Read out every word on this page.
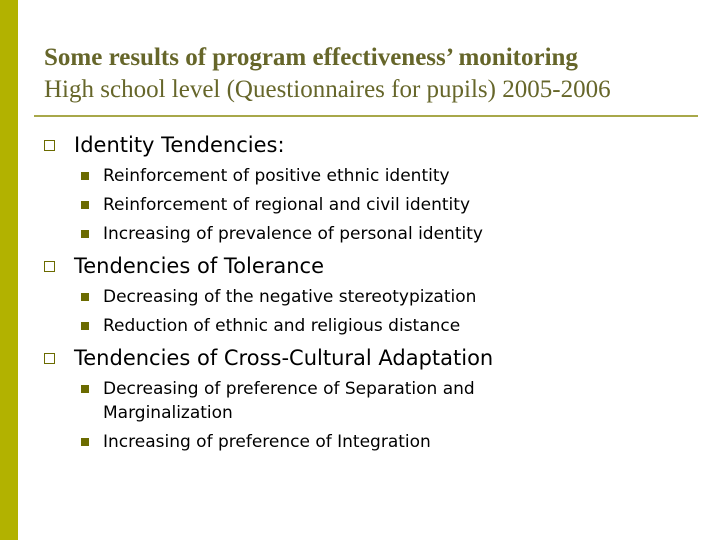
Some results of program effectiveness’ monitoring
High school level (Questionnaires for pupils) 2005-2006
Identity Tendencies:
Reinforcement of positive ethnic identity
Reinforcement of regional and civil identity
Increasing of prevalence of personal identity
Tendencies of Tolerance
Decreasing of the negative stereotypization
Reduction of ethnic and religious distance
Tendencies of Cross-Cultural Adaptation
Decreasing of preference of Separation and Marginalization
Increasing of preference of Integration
